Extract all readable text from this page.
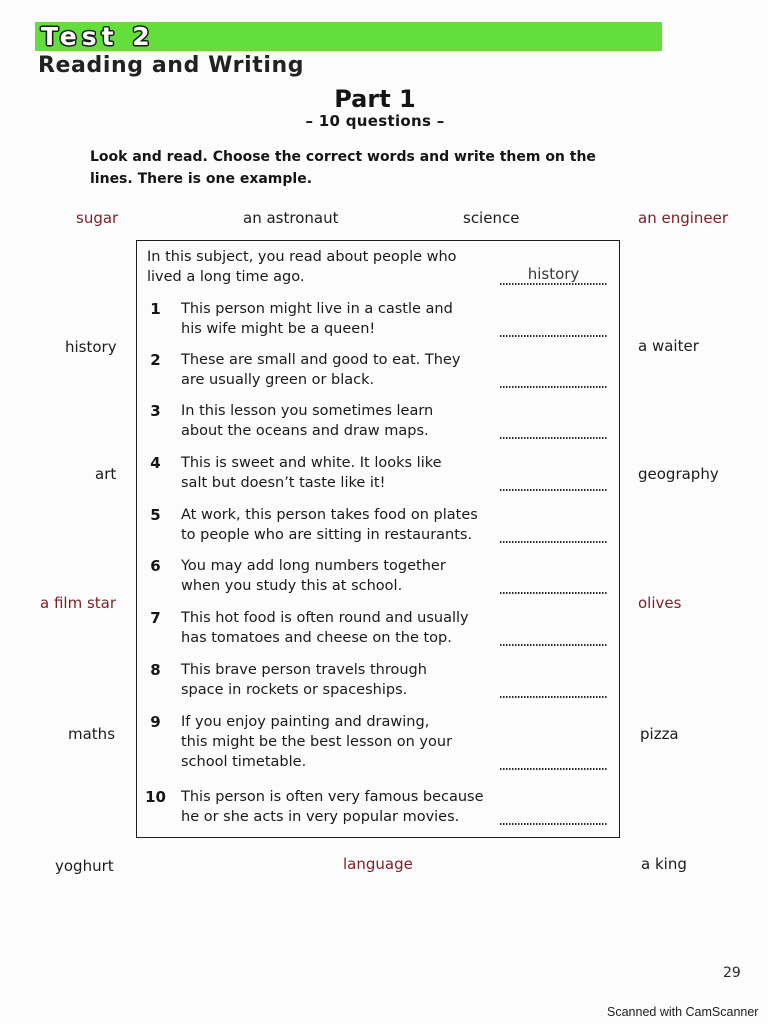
Test 2
Reading and Writing
Part 1
– 10 questions –
Look and read. Choose the correct words and write them on the
lines. There is one example.
sugar	an astronaut	science	an engineer
history
art
a film star
maths
a waiter
geography
olives
pizza
yoghurt	language	a king
In this subject, you read about people who
lived a long time ago.	history
1	This person might live in a castle and
his wife might be a queen!
2	These are small and good to eat. They
are usually green or black.
3	In this lesson you sometimes learn
about the oceans and draw maps.
4	This is sweet and white. It looks like
salt but doesn’t taste like it!
5	At work, this person takes food on plates
to people who are sitting in restaurants.
6	You may add long numbers together
when you study this at school.
7	This hot food is often round and usually
has tomatoes and cheese on the top.
8	This brave person travels through
space in rockets or spaceships.
9	If you enjoy painting and drawing,
this might be the best lesson on your
school timetable.
10	This person is often very famous because
he or she acts in very popular movies.
29
Scanned with CamScanner
